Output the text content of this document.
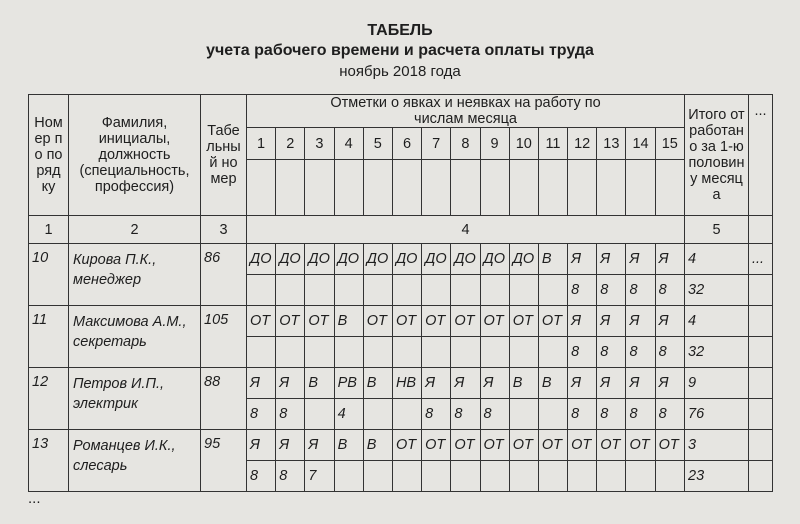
ТАБЕЛЬ
учета рабочего времени и расчета оплаты труда
ноябрь 2018 года
Номер по порядку	Фамилия, инициалы, должность (специальность, профессия)	Табельный номер	Отметки о явках и неявках на работу по числам месяца															Итого отработано за 1-ю половину месяца	...
			1	2	3	4	5	6	7	8	9	10	11	12	13	14	15		

1	2	3	4															5	
10	Кирова П.К., менеджер	86	ДО	ДО	ДО	ДО	ДО	ДО	ДО	ДО	ДО	ДО	В	Я	Я	Я	Я	4	...
														8	8	8	8	32	
11	Максимова А.М., секретарь	105	ОТ	ОТ	ОТ	В	ОТ	ОТ	ОТ	ОТ	ОТ	ОТ	ОТ	Я	Я	Я	Я	4	
														8	8	8	8	32	
12	Петров И.П., электрик	88	Я	Я	В	РВ	В	НВ	Я	Я	Я	В	В	Я	Я	Я	Я	9	
			8	8		4			8	8	8			8	8	8	8	76	
13	Романцев И.К., слесарь	95	Я	Я	Я	В	В	ОТ	ОТ	ОТ	ОТ	ОТ	ОТ	ОТ	ОТ	ОТ	ОТ	3	
			8	8	7													23	
...
